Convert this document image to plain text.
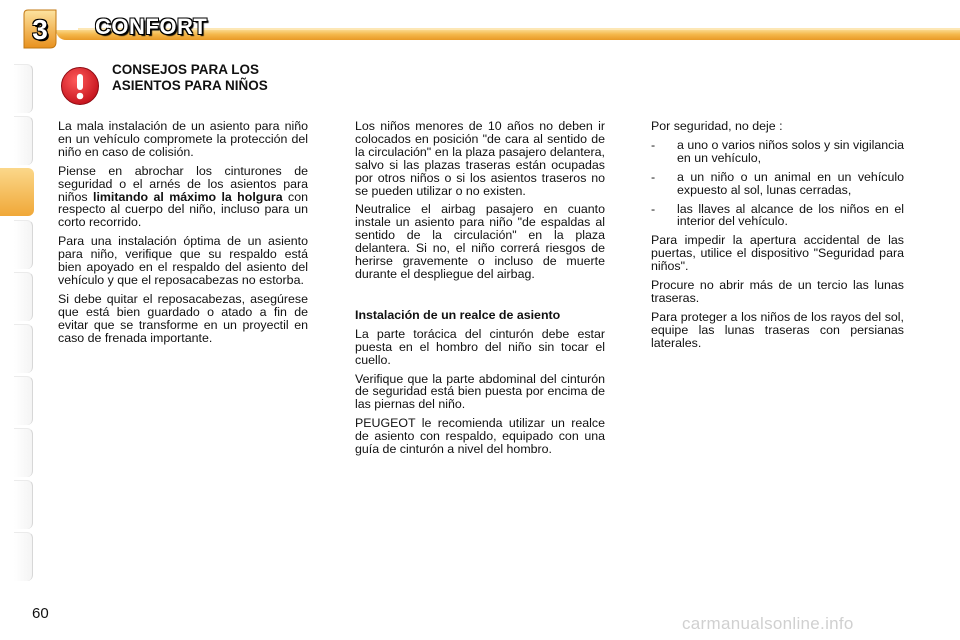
3	CONFORT
CONSEJOS PARA LOS
ASIENTOS PARA NIÑOS

La mala instalación de un asiento para niño en un vehículo compromete la protección del niño en caso de colisión.

Piense en abrochar los cinturones de seguridad o el arnés de los asientos para niños limitando al máximo la holgura con respecto al cuerpo del niño, incluso para un corto recorrido.

Para una instalación óptima de un asiento para niño, verifique que su respaldo está bien apoyado en el respaldo del asiento del vehículo y que el reposacabezas no estorba.

Si debe quitar el reposacabezas, asegúrese que está bien guardado o atado a fin de evitar que se transforme en un proyectil en caso de frenada importante.

Los niños menores de 10 años no deben ir colocados en posición "de cara al sentido de la circulación" en la plaza pasajero delantera, salvo si las plazas traseras están ocupadas por otros niños o si los asientos traseros no se pueden utilizar o no existen.

Neutralice el airbag pasajero en cuanto instale un asiento para niño "de espaldas al sentido de la circulación" en la plaza delantera. Si no, el niño correrá riesgos de herirse gravemente o incluso de muerte durante el despliegue del airbag.

Instalación de un realce de asiento

La parte torácica del cinturón debe estar puesta en el hombro del niño sin tocar el cuello.

Verifique que la parte abdominal del cinturón de seguridad está bien puesta por encima de las piernas del niño.

PEUGEOT le recomienda utilizar un realce de asiento con respaldo, equipado con una guía de cinturón a nivel del hombro.

Por seguridad, no deje :

- a uno o varios niños solos y sin vigilancia en un vehículo,
- a un niño o un animal en un vehículo expuesto al sol, lunas cerradas,
- las llaves al alcance de los niños en el interior del vehículo.

Para impedir la apertura accidental de las puertas, utilice el dispositivo "Seguridad para niños".

Procure no abrir más de un tercio las lunas traseras.

Para proteger a los niños de los rayos del sol, equipe las lunas traseras con persianas laterales.

60
carmanualsonline.info
